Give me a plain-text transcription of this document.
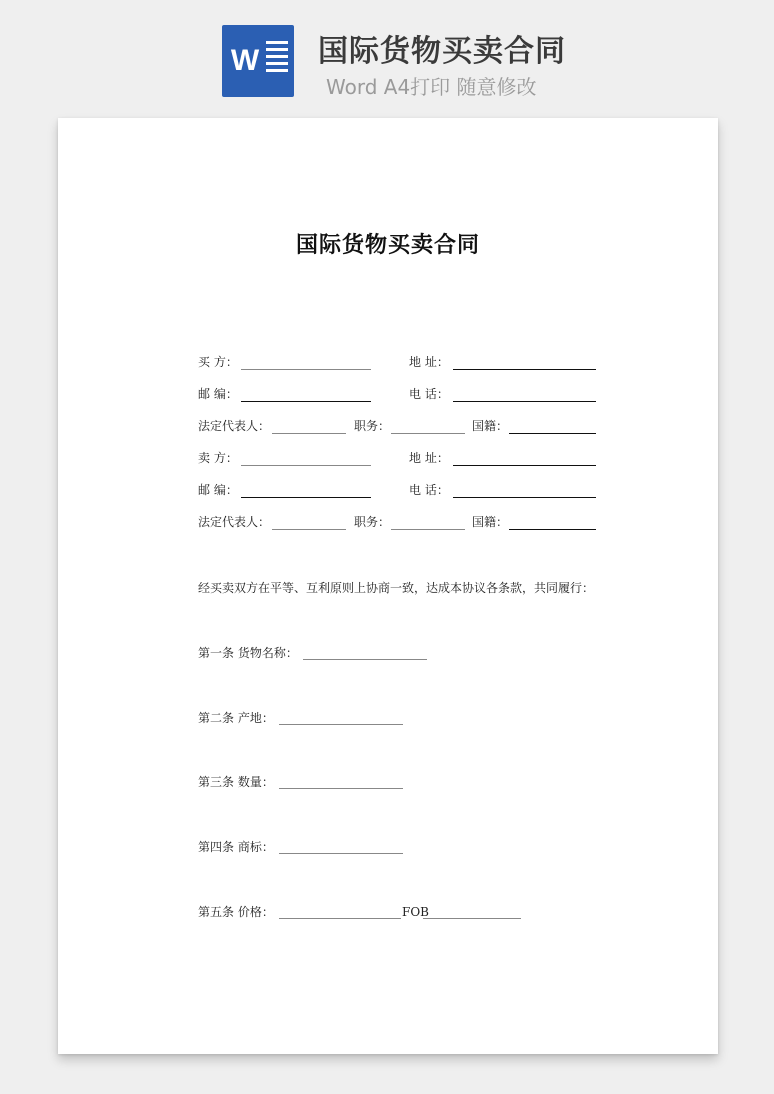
W 国际货物买卖合同
Word A4打印 随意修改
国际货物买卖合同
买 方：	地 址：
邮 编：	电 话：
法定代表人：	职务：	国籍：
卖 方：	地 址：
邮 编：	电 话：
法定代表人：	职务：	国籍：
经买卖双方在平等、互利原则上协商一致，达成本协议各条款，共同履行：
第一条 货物名称：
第二条 产地：
第三条 数量：
第四条 商标：
第五条 价格：	FOB
